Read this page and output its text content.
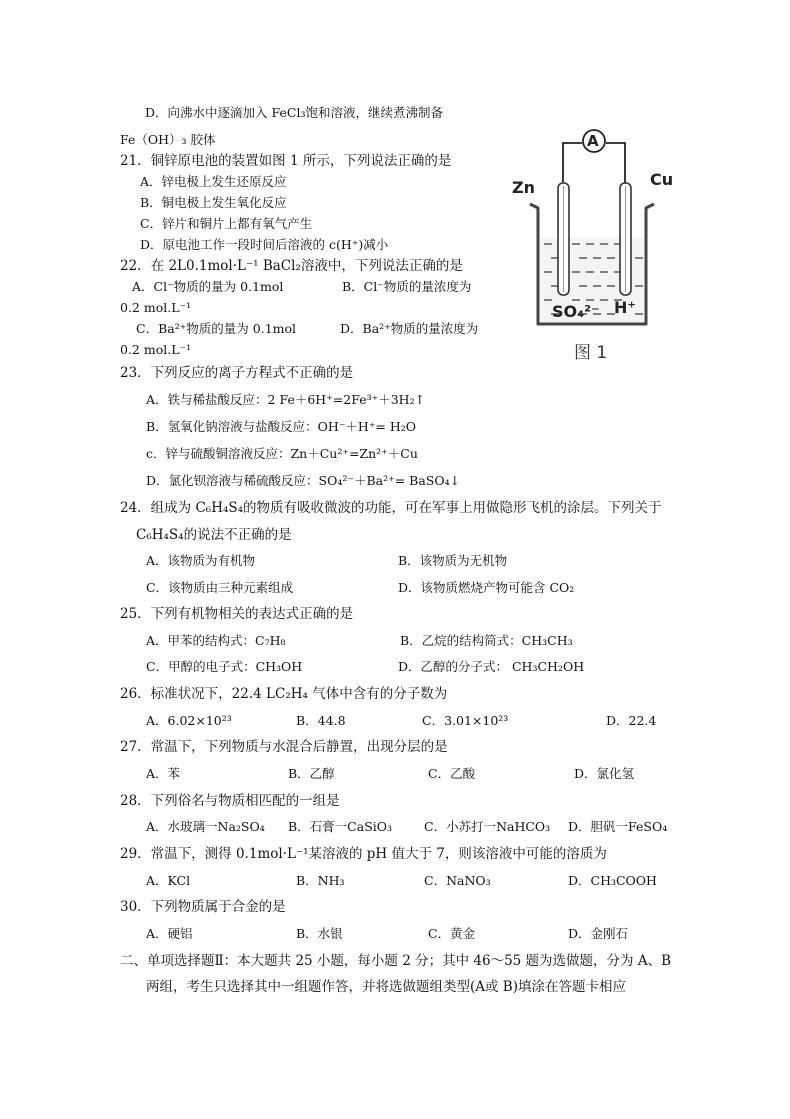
D．向沸水中逐滴加入 FeCl₃饱和溶液，继续煮沸制备
Fe（OH）₃ 胶体
21．铜锌原电池的装置如图 1 所示，下列说法正确的是
A．锌电极上发生还原反应
B．铜电极上发生氧化反应
C．锌片和铜片上都有氧气产生
D．原电池工作一段时间后溶液的 c(H⁺)减小
22．在 2L0.1mol·L⁻¹ BaCl₂溶液中，下列说法正确的是
A．Cl⁻物质的量为 0.1mol	B．Cl⁻物质的量浓度为
0.2 mol.L⁻¹
C．Ba²⁺物质的量为 0.1mol	D．Ba²⁺物质的量浓度为
0.2 mol.L⁻¹
23．下列反应的离子方程式不正确的是
A．铁与稀盐酸反应：2 Fe＋6H⁺=2Fe³⁺＋3H₂↑
B．氢氧化钠溶液与盐酸反应：OH⁻＋H⁺= H₂O
c．锌与硫酸铜溶液反应：Zn＋Cu²⁺=Zn²⁺＋Cu
D．氯化钡溶液与稀硫酸反应：SO₄²⁻＋Ba²⁺= BaSO₄↓
24．组成为 C₆H₄S₄的物质有吸收微波的功能，可在军事上用做隐形飞机的涂层。下列关于
C₆H₄S₄的说法不正确的是
A．该物质为有机物	B．该物质为无机物
C．该物质由三种元素组成	D．该物质燃烧产物可能含 CO₂
25．下列有机物相关的表达式正确的是
A．甲苯的结构式：C₇H₈	B．乙烷的结构简式：CH₃CH₃
C．甲醇的电子式：CH₃OH	D．乙醇的分子式： CH₃CH₂OH
26．标准状况下，22.4 LC₂H₄ 气体中含有的分子数为
A．6.02×10²³	B．44.8	C．3.01×10²³	D．22.4
27．常温下，下列物质与水混合后静置，出现分层的是
A．苯	B．乙醇	C．乙酸	D．氯化氢
28．下列俗名与物质相匹配的一组是
A．水玻璃一Na₂SO₄ B．石膏一CaSiO₃	C．小苏打一NaHCO₃ D．胆矾一FeSO₄
29．常温下，测得 0.1mol·L⁻¹某溶液的 pH 值大于 7，则该溶液中可能的溶质为
A．KCl	B．NH₃	C．NaNO₃	D．CH₃COOH
30．下列物质属于合金的是
A．硬铝	B．水银	C．黄金	D．金刚石
二、单项选择题Ⅱ：本大题共 25 小题，每小题 2 分；其中 46～55 题为选做题，分为 A、B
两组，考生只选择其中一组题作答，并将选做题组类型(A或 B)填涂在答题卡相应
A
Zn	Cu
SO₄²⁻ H⁺
图 1
